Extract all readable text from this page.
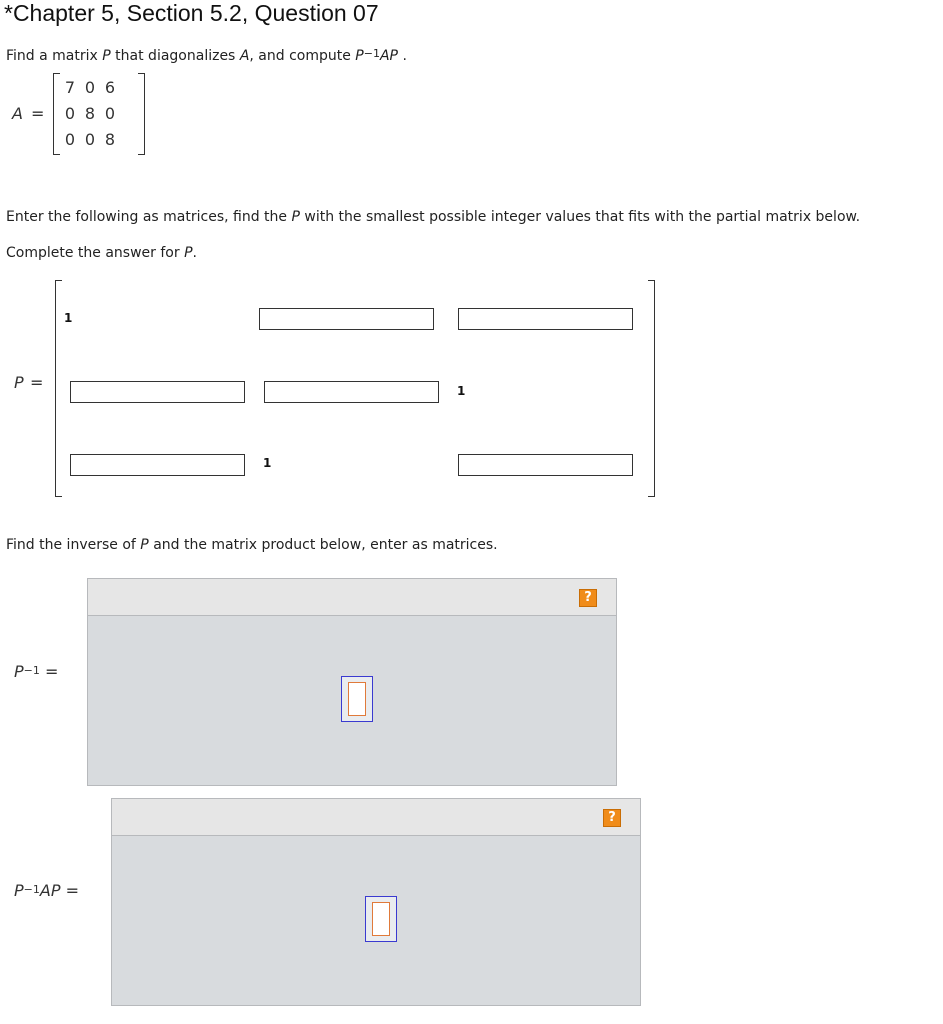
*Chapter 5, Section 5.2, Question 07
Find a matrix P that diagonalizes A, and compute $P^{-1}AP$ .
A =
7 0 6
0 8 0
0 0 8
Enter the following as matrices, find the P with the smallest possible integer values that fits with the partial matrix below.
Complete the answer for P.
P =
1
1
1
Find the inverse of P and the matrix product below, enter as matrices.
$P^{-1}$ =
?
$P^{-1}AP$ =
?
